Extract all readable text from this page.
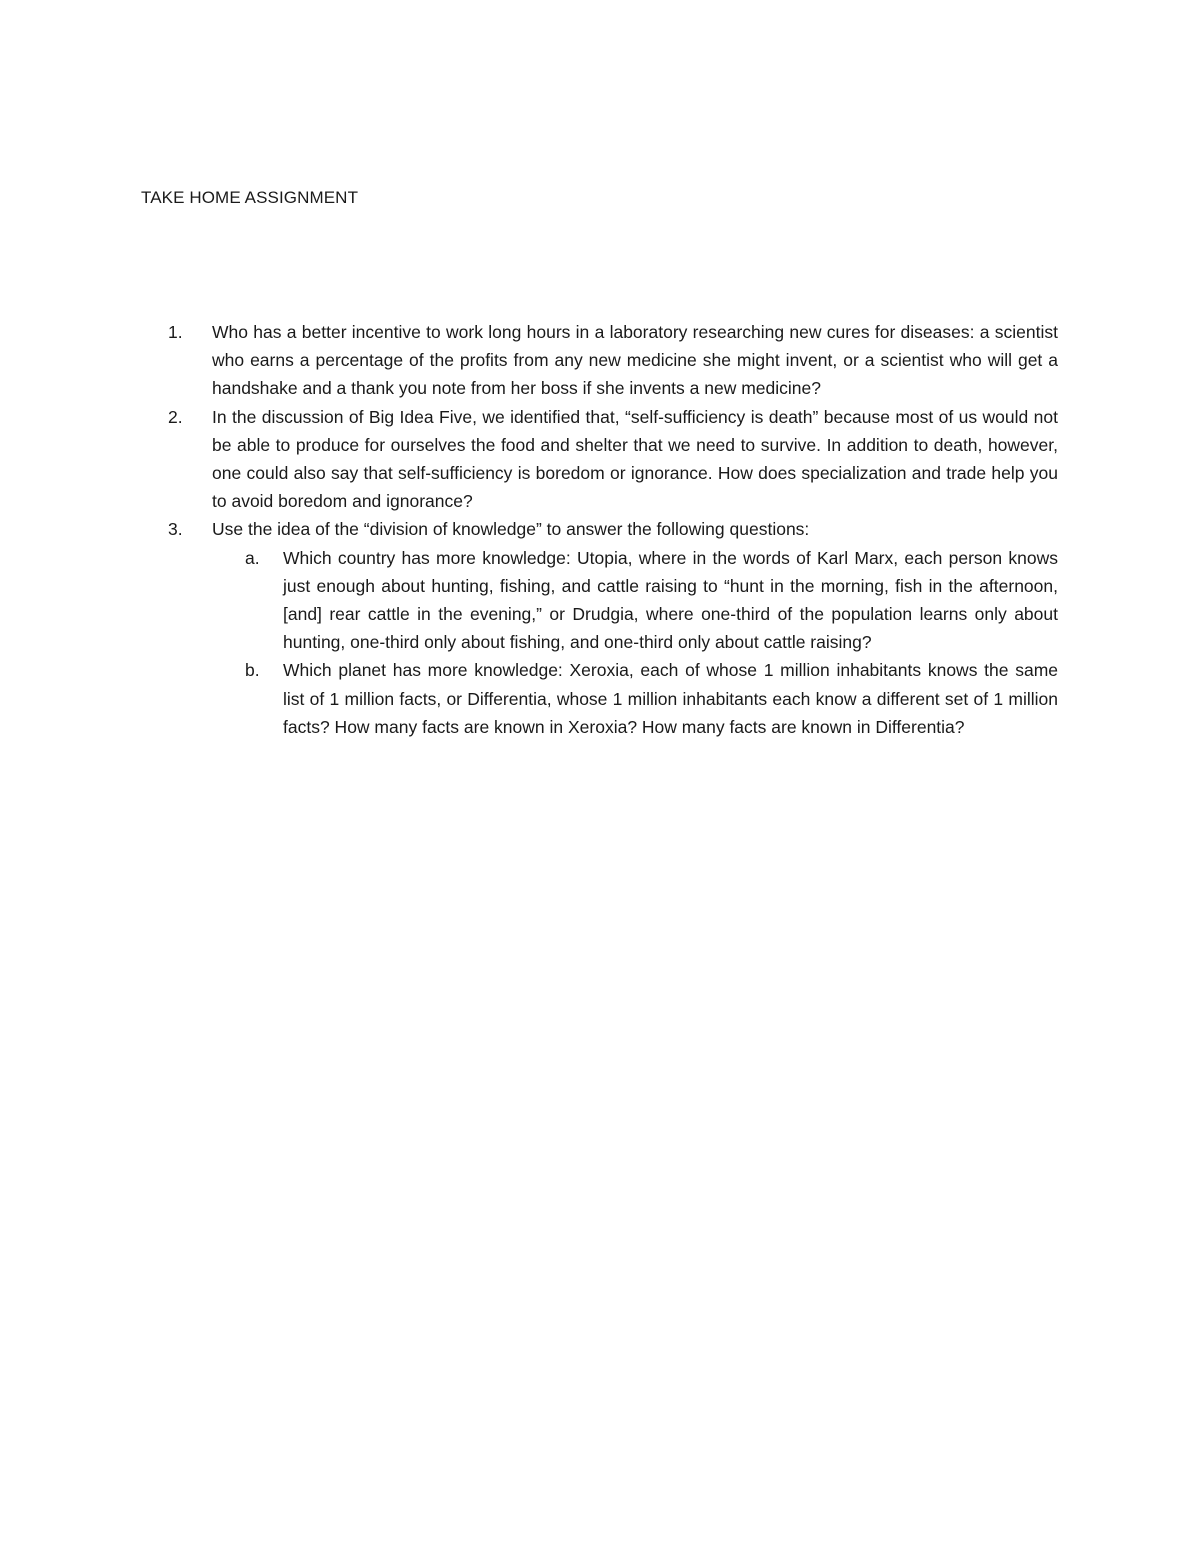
TAKE HOME ASSIGNMENT
1.	Who has a better incentive to work long hours in a laboratory researching new cures for diseases: a scientist who earns a percentage of the profits from any new medicine she might invent, or a scientist who will get a handshake and a thank you note from her boss if she invents a new medicine?
2.	In the discussion of Big Idea Five, we identified that, “self-sufficiency is death” because most of us would not be able to produce for ourselves the food and shelter that we need to survive. In addition to death, however, one could also say that self-sufficiency is boredom or ignorance. How does specialization and trade help you to avoid boredom and ignorance?
3.	Use the idea of the “division of knowledge” to answer the following questions:
a.	Which country has more knowledge: Utopia, where in the words of Karl Marx, each person knows just enough about hunting, fishing, and cattle raising to “hunt in the morning, fish in the afternoon, [and] rear cattle in the evening,” or Drudgia, where one-third of the population learns only about hunting, one-third only about fishing, and one-third only about cattle raising?
b.	Which planet has more knowledge: Xeroxia, each of whose 1 million inhabitants knows the same list of 1 million facts, or Differentia, whose 1 million inhabitants each know a different set of 1 million facts? How many facts are known in Xeroxia? How many facts are known in Differentia?
